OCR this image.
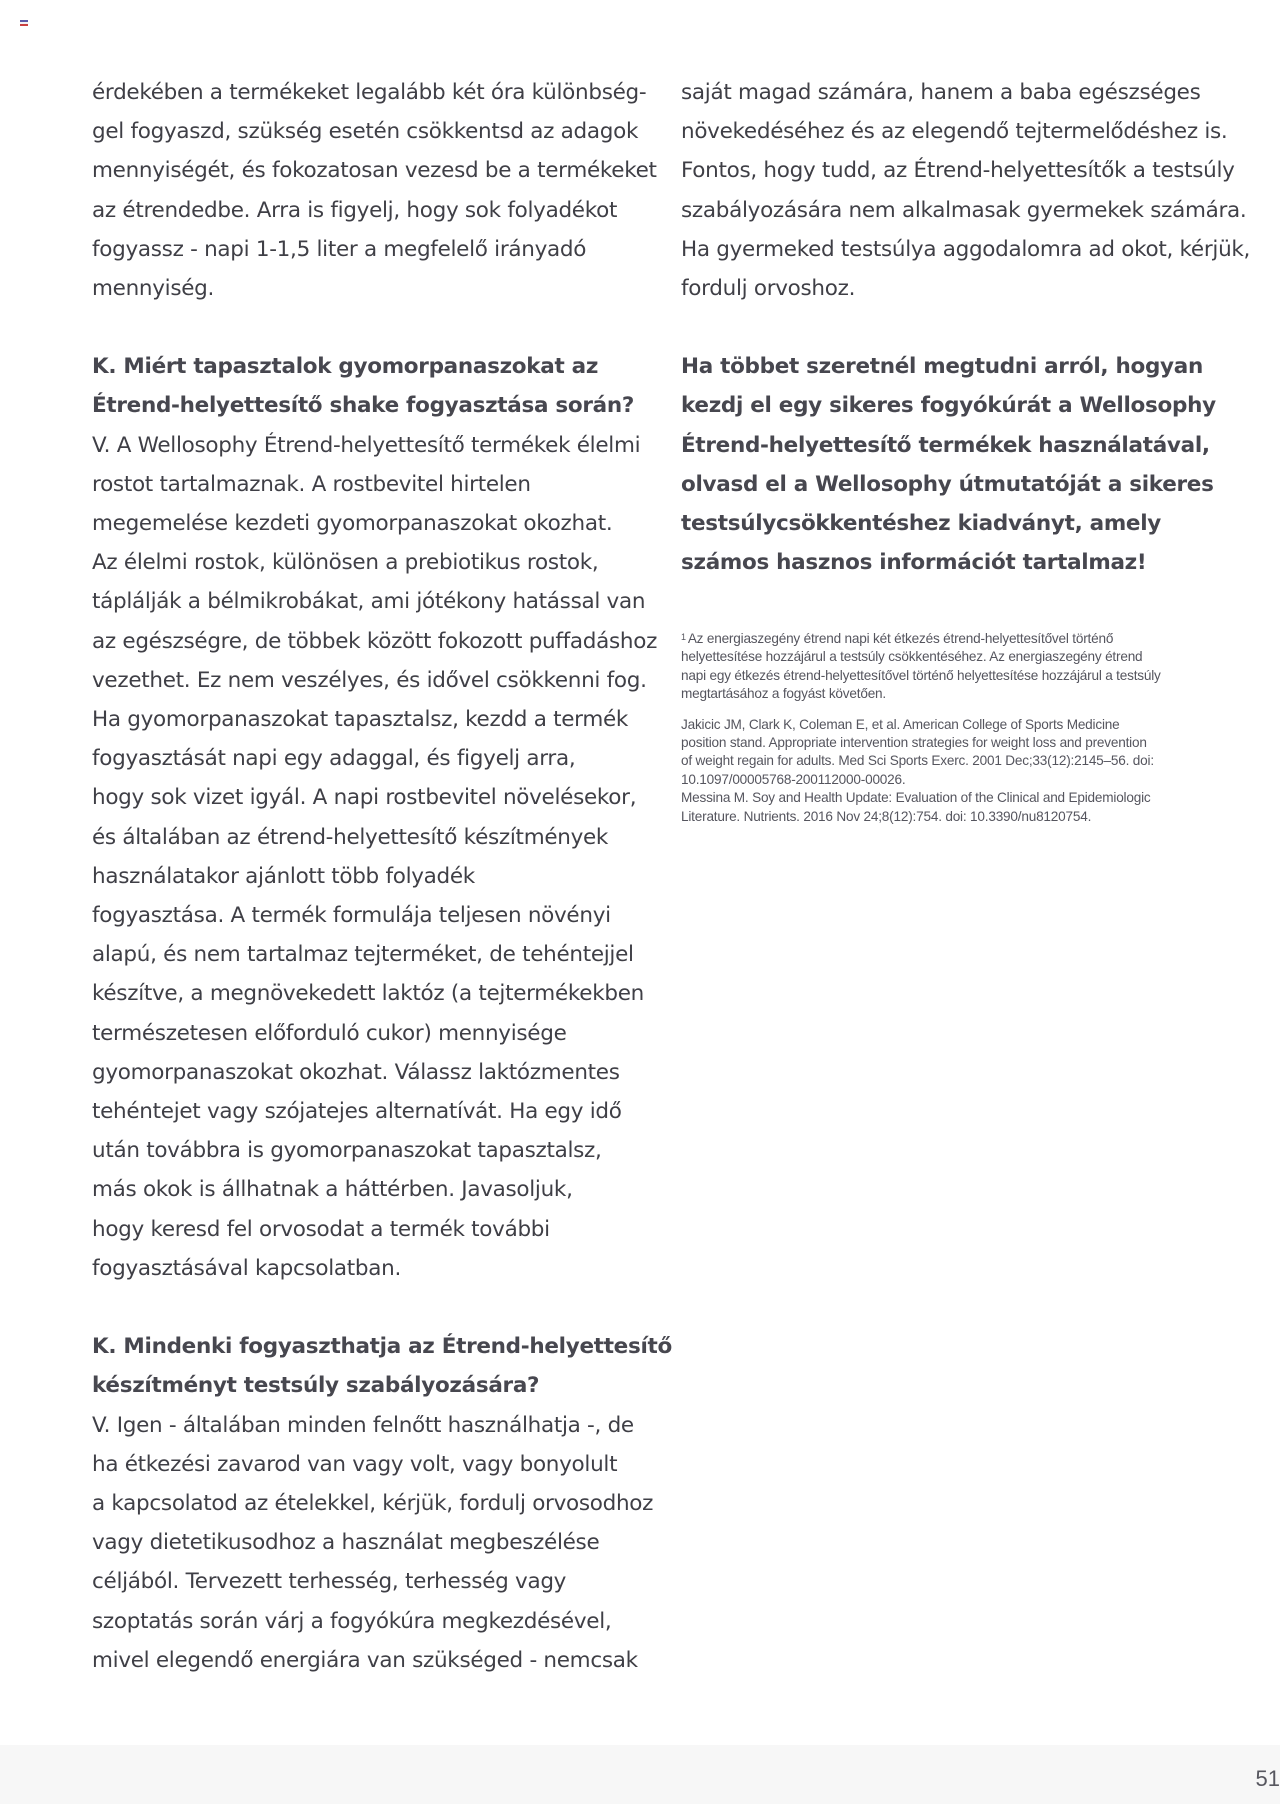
érdekében a termékeket legalább két óra különbség-
gel fogyaszd, szükség esetén csökkentsd az adagok
mennyiségét, és fokozatosan vezesd be a termékeket
az étrendedbe. Arra is figyelj, hogy sok folyadékot
fogyassz - napi 1-1,5 liter a megfelelő irányadó
mennyiség.
K. Miért tapasztalok gyomorpanaszokat az
Étrend-helyettesítő shake fogyasztása során?
V. A Wellosophy Étrend-helyettesítő termékek élelmi
rostot tartalmaznak. A rostbevitel hirtelen
megemelése kezdeti gyomorpanaszokat okozhat.
Az élelmi rostok, különösen a prebiotikus rostok,
táplálják a bélmikrobákat, ami jótékony hatással van
az egészségre, de többek között fokozott puffadáshoz
vezethet. Ez nem veszélyes, és idővel csökkenni fog.
Ha gyomorpanaszokat tapasztalsz, kezdd a termék
fogyasztását napi egy adaggal, és figyelj arra,
hogy sok vizet igyál. A napi rostbevitel növelésekor,
és általában az étrend-helyettesítő készítmények
használatakor ajánlott több folyadék
fogyasztása. A termék formulája teljesen növényi
alapú, és nem tartalmaz tejterméket, de tehéntejjel
készítve, a megnövekedett laktóz (a tejtermékekben
természetesen előforduló cukor) mennyisége
gyomorpanaszokat okozhat. Válassz laktózmentes
tehéntejet vagy szójatejes alternatívát. Ha egy idő
után továbbra is gyomorpanaszokat tapasztalsz,
más okok is állhatnak a háttérben. Javasoljuk,
hogy keresd fel orvosodat a termék további
fogyasztásával kapcsolatban.
K. Mindenki fogyaszthatja az Étrend-helyettesítő
készítményt testsúly szabályozására?
V. Igen - általában minden felnőtt használhatja -, de
ha étkezési zavarod van vagy volt, vagy bonyolult
a kapcsolatod az ételekkel, kérjük, fordulj orvosodhoz
vagy dietetikusodhoz a használat megbeszélése
céljából. Tervezett terhesség, terhesség vagy
szoptatás során várj a fogyókúra megkezdésével,
mivel elegendő energiára van szükséged - nemcsak
saját magad számára, hanem a baba egészséges
növekedéséhez és az elegendő tejtermelődéshez is.
Fontos, hogy tudd, az Étrend-helyettesítők a testsúly
szabályozására nem alkalmasak gyermekek számára.
Ha gyermeked testsúlya aggodalomra ad okot, kérjük,
fordulj orvoshoz.
Ha többet szeretnél megtudni arról, hogyan
kezdj el egy sikeres fogyókúrát a Wellosophy
Étrend-helyettesítő termékek használatával,
olvasd el a Wellosophy útmutatóját a sikeres
testsúlycsökkentéshez kiadványt, amely
számos hasznos információt tartalmaz!
$^1$ Az energiaszegény étrend napi két étkezés étrend-helyettesítővel történő
helyettesítése hozzájárul a testsúly csökkentéséhez. Az energiaszegény étrend
napi egy étkezés étrend-helyettesítővel történő helyettesítése hozzájárul a testsúly
megtartásához a fogyást követően.
Jakicic JM, Clark K, Coleman E, et al. American College of Sports Medicine
position stand. Appropriate intervention strategies for weight loss and prevention
of weight regain for adults. Med Sci Sports Exerc. 2001 Dec;33(12):2145–56. doi:
10.1097/00005768-200112000-00026.
Messina M. Soy and Health Update: Evaluation of the Clinical and Epidemiologic
Literature. Nutrients. 2016 Nov 24;8(12):754. doi: 10.3390/nu8120754.
51
